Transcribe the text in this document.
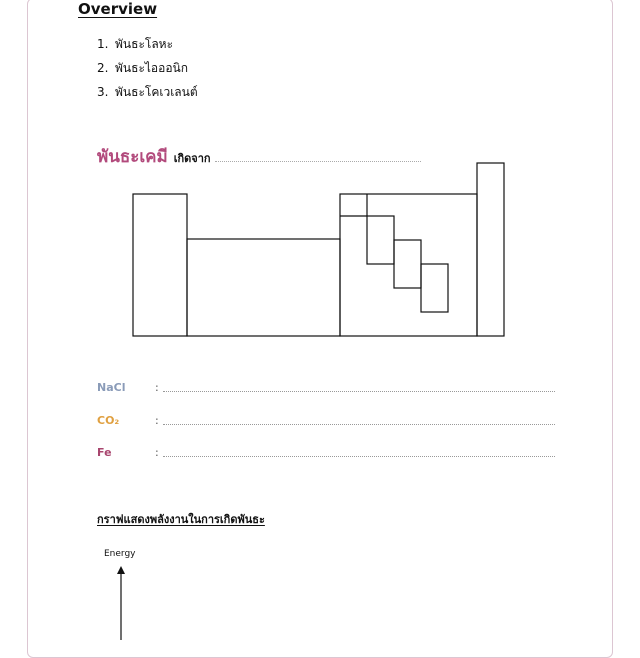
Overview
1. พันธะโลหะ
2. พันธะไอออนิก
3. พันธะโคเวเลนต์
พันธะเคมี เกิดจาก
NaCl	:
CO₂	:
Fe	:
กราฟแสดงพลังงานในการเกิดพันธะ
Energy
